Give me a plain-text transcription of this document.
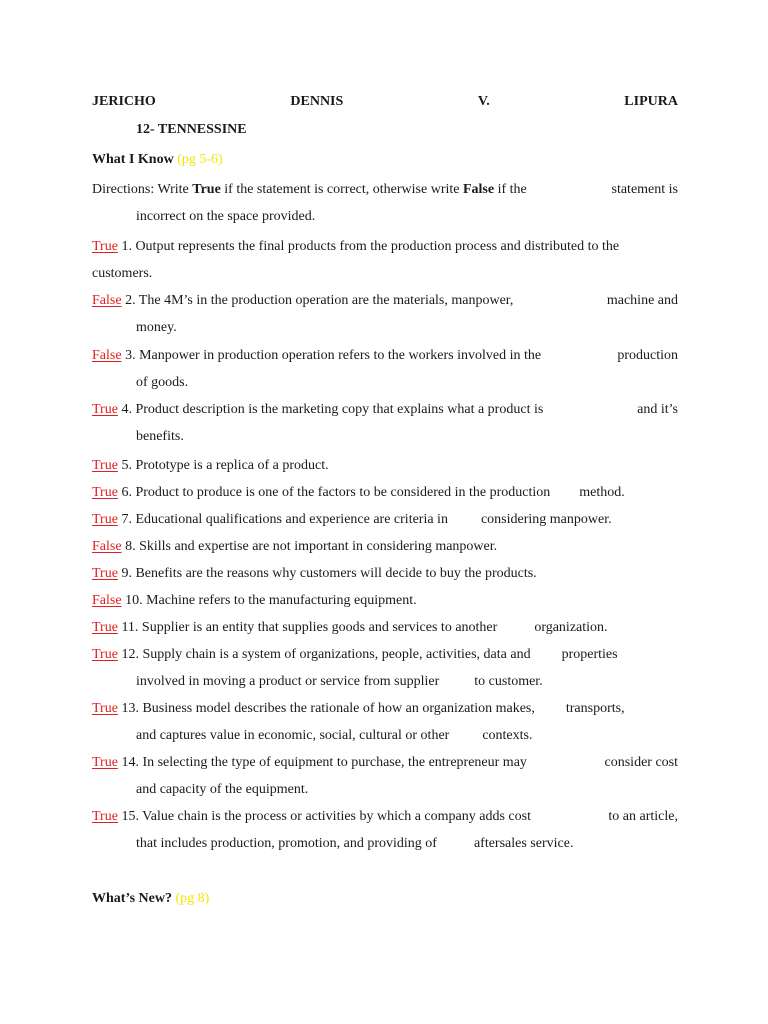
JERICHO	DENNIS	V.	LIPURA
12- TENNESSINE
What I Know (pg 5-6)
Directions: Write True if the statement is correct, otherwise write False if the	statement is
incorrect on the space provided.
True 1. Output represents the final products from the production process and distributed to the
customers.
False 2. The 4M’s in the production operation are the materials, manpower,	machine and
money.
False 3. Manpower in production operation refers to the workers involved in the	production
of goods.
True 4. Product description is the marketing copy that explains what a product is	and it’s
benefits.
True 5. Prototype is a replica of a product.
True 6. Product to produce is one of the factors to be considered in the production method.
True 7. Educational qualifications and experience are criteria in considering manpower.
False 8. Skills and expertise are not important in considering manpower.
True 9. Benefits are the reasons why customers will decide to buy the products.
False 10. Machine refers to the manufacturing equipment.
True 11. Supplier is an entity that supplies goods and services to another	organization.
True 12. Supply chain is a system of organizations, people, activities, data and properties
involved in moving a product or service from supplier	to customer.
True 13. Business model describes the rationale of how an organization makes, transports,
and captures value in economic, social, cultural or other contexts.
True 14. In selecting the type of equipment to purchase, the entrepreneur may	consider cost
and capacity of the equipment.
True 15. Value chain is the process or activities by which a company adds cost	to an article,
that includes production, promotion, and providing of	aftersales service.
What’s New? (pg 8)
